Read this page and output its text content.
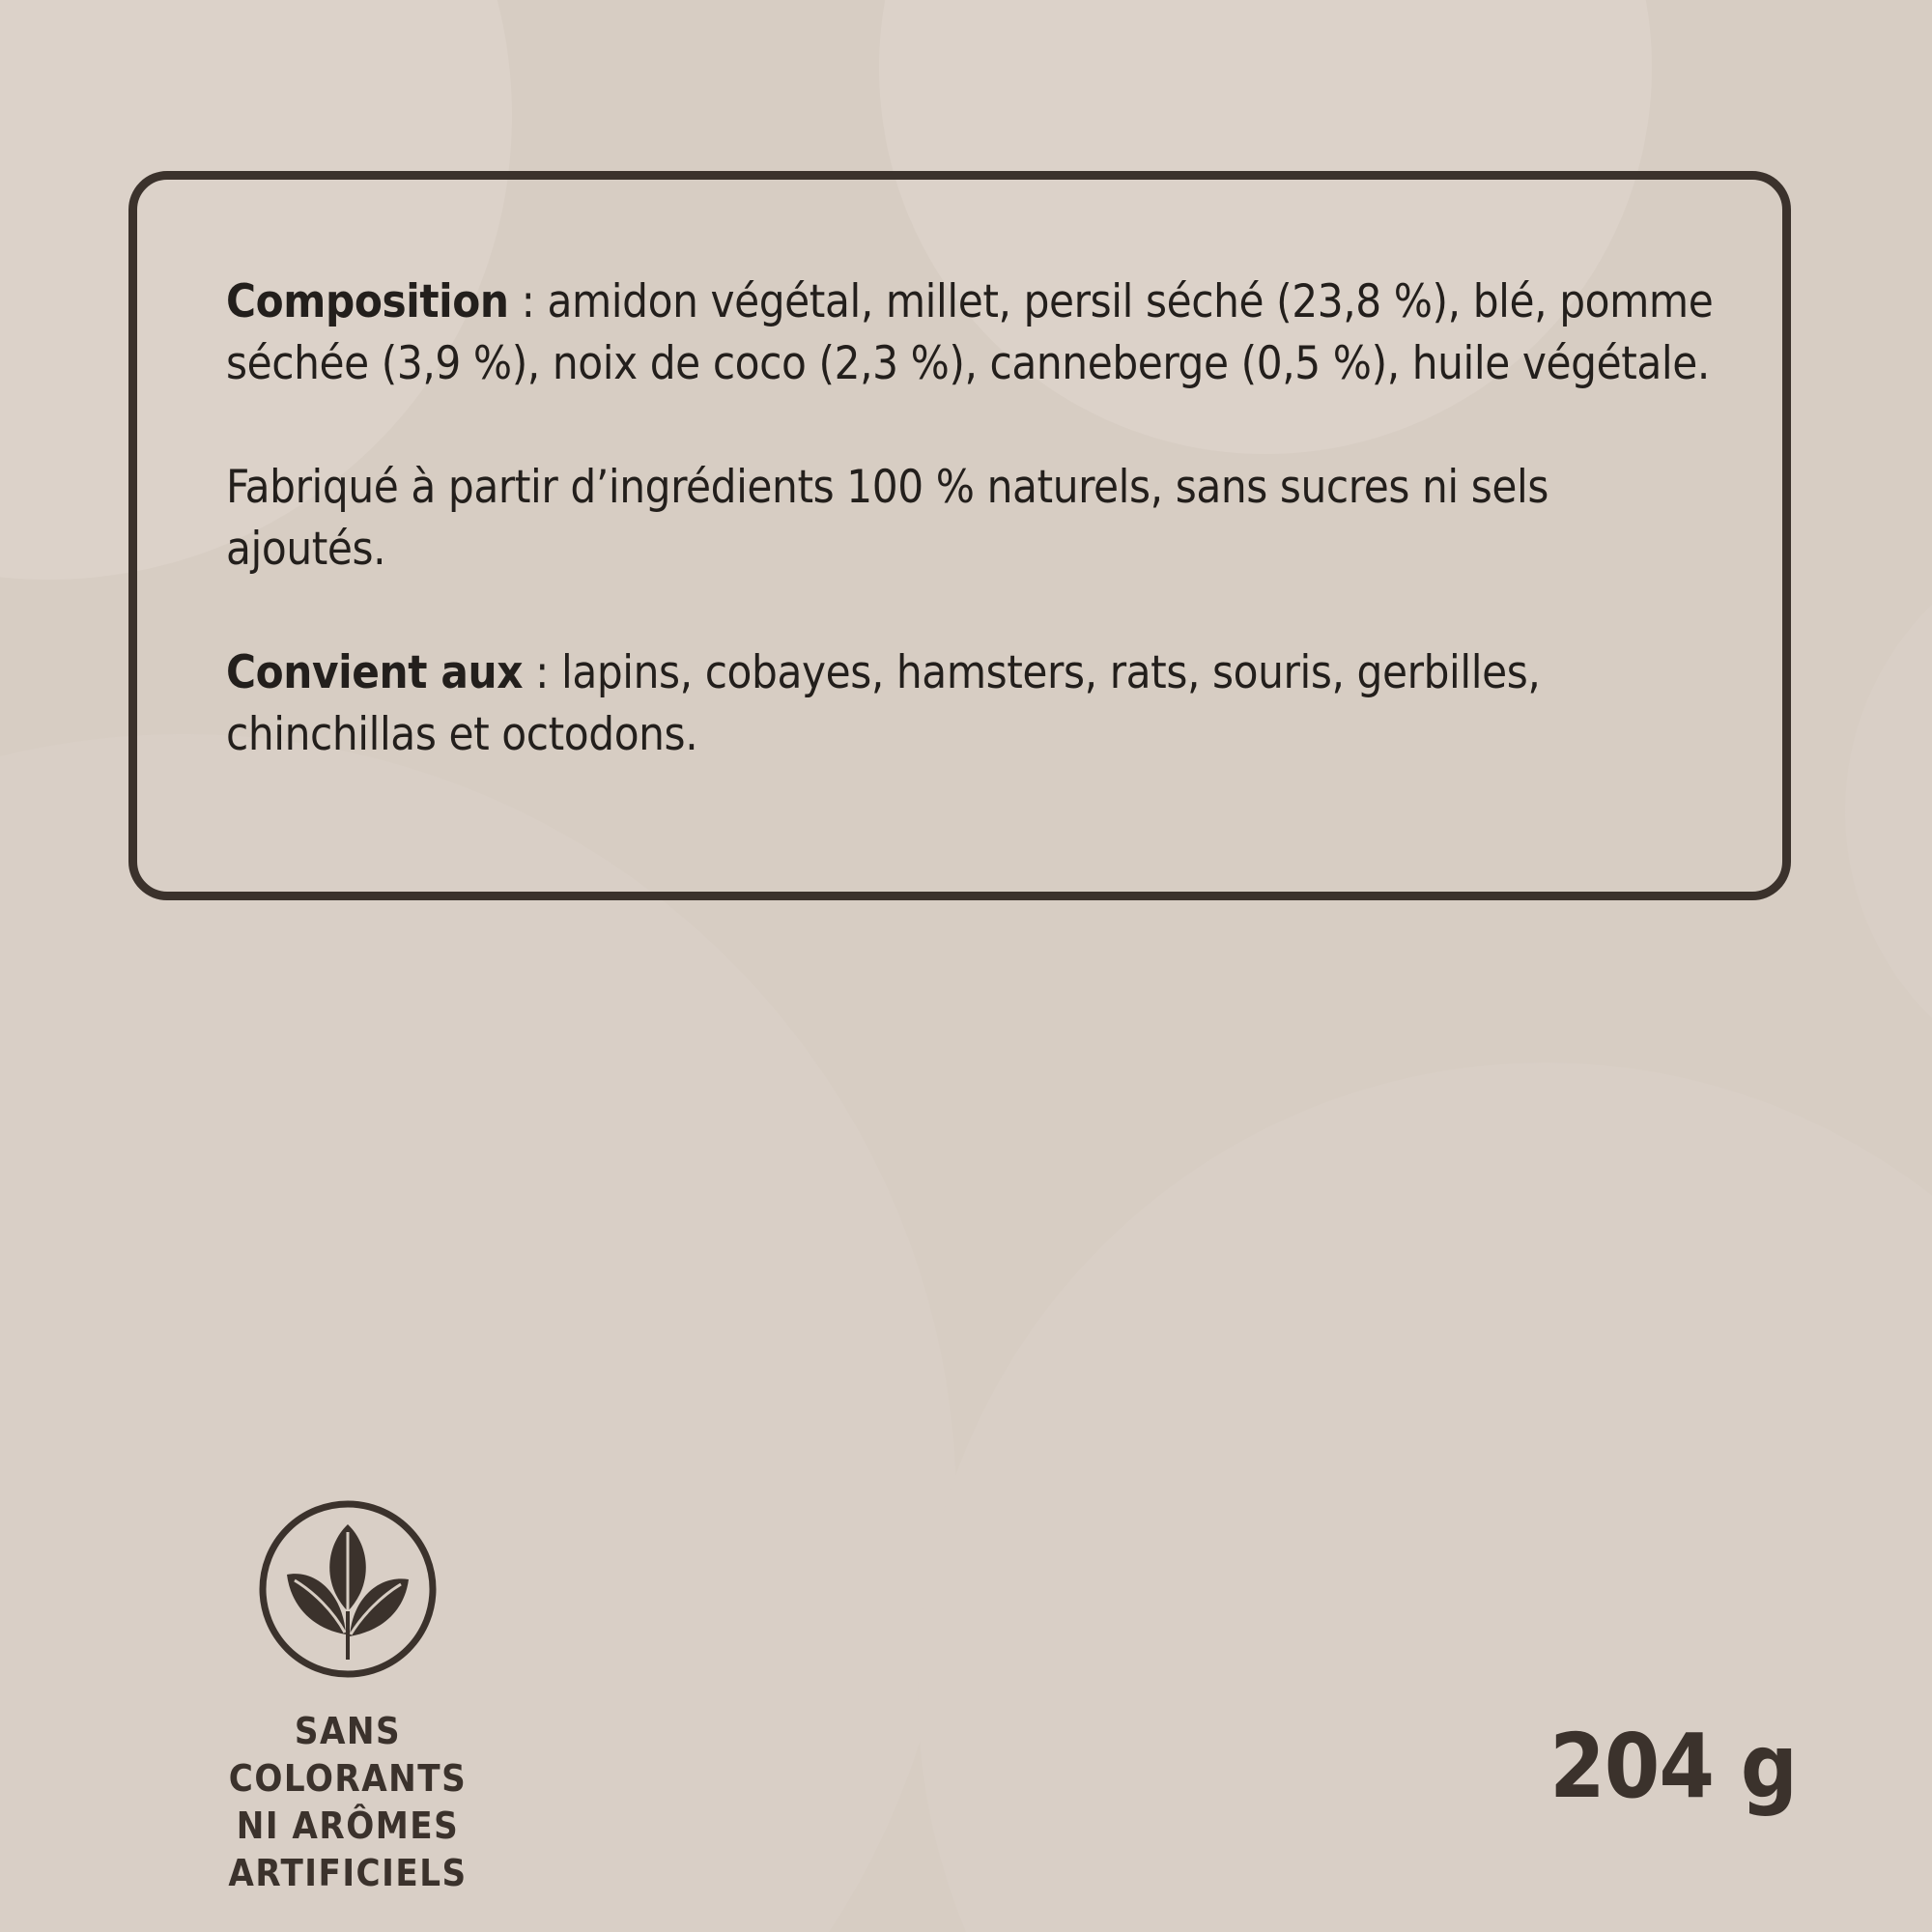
Composition : amidon végétal, millet, persil séché (23,8 %), blé, pomme séchée (3,9 %), noix de coco (2,3 %), canneberge (0,5 %), huile végétale.

Fabriqué à partir d’ingrédients 100 % naturels, sans sucres ni sels ajoutés.

Convient aux : lapins, cobayes, hamsters, rats, souris, gerbilles, chinchillas et octodons.

SANS COLORANTS
NI ARÔMES
ARTIFICIELS
204 g
